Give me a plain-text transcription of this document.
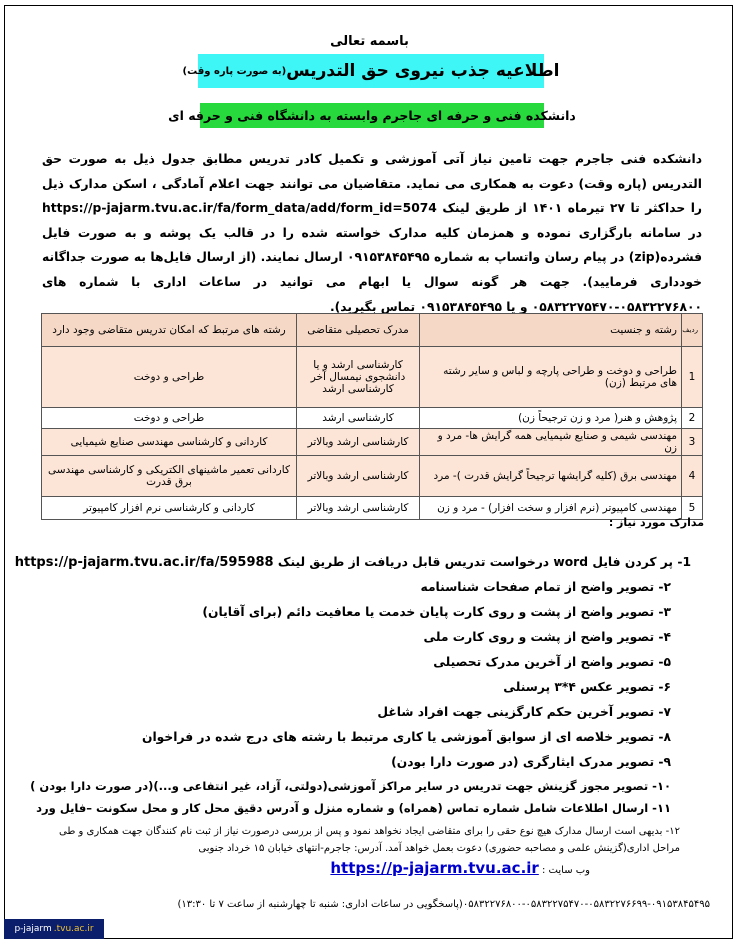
باسمه تعالی
اطلاعیه جذب نیروی حق التدریس
(به صورت پاره وقت)
دانشکده فنی و حرفه ای جاجرم وابسته به دانشگاه فنی و حرفه ای
دانشکده فنی جاجرم جهت تامین نیاز آتی آموزشی و تکمیل کادر تدریس مطابق جدول ذیل به صورت حق التدریس (پاره وقت) دعوت به همکاری می نماید. متقاضیان می توانند جهت اعلام آمادگی ، اسکن مدارک ذیل را حداکثر تا ۲۷ تیرماه ۱۴۰۱ از طریق لینک https://p-jajarm.tvu.ac.ir/fa/form_data/add/form_id=5074 در سامانه بارگزاری نموده و همزمان کلیه مدارک خواسته شده را در قالب یک پوشه و به صورت فایل فشرده(zip) در پیام رسان واتساپ به شماره ۰۹۱۵۳۸۴۵۴۹۵ ارسال نمایند. (از ارسال فایل‌ها به صورت جداگانه خودداری فرمایید). جهت هر گونه سوال یا ابهام می توانید در ساعات اداری با شماره های ۰۵۸۳۲۲۷۶۸۰۰-۰۵۸۳۲۲۷۵۴۷۰ و یا ۰۹۱۵۳۸۴۵۴۹۵ تماس بگیرید).
ردیف	رشته و جنسیت	مدرک تحصیلی متقاضی	رشته های مرتبط که امکان تدریس متقاضی وجود دارد
1	طراحی و دوخت و طراحی پارچه و لباس و سایر رشته های مرتبط (زن)	کارشناسی ارشد و یا دانشجوی نیمسال آخر کارشناسی ارشد	طراحی و دوخت
2	پژوهش و هنر( مرد و زن ترجیحاً زن)	کارشناسی ارشد	طراحی و دوخت
3	مهندسی شیمی و صنایع شیمیایی همه گرایش ها- مرد و زن	کارشناسی ارشد وبالاتر	کاردانی و کارشناسی مهندسی صنایع شیمیایی
4	مهندسی برق (کلیه گرایشها ترجیحاً گرایش قدرت )- مرد	کارشناسی ارشد وبالاتر	کاردانی تعمیر ماشینهای الکتریکی و کارشناسی مهندسی برق قدرت
5	مهندسی کامپیوتر (نرم افزار و سخت افزار) - مرد و زن	کارشناسی ارشد وبالاتر	کاردانی و کارشناسی نرم افزار کامپیوتر
مدارک مورد نیاز :
1- پر کردن فایل word درخواست تدریس قابل دریافت از طریق لینک https://p-jajarm.tvu.ac.ir/fa/595988
۲- تصویر واضح از تمام صفحات شناسنامه
۳- تصویر واضح از پشت و روی کارت پایان خدمت یا معافیت دائم (برای آقایان)
۴- تصویر واضح از پشت و روی کارت ملی
۵- تصویر واضح از آخرین مدرک تحصیلی
۶- تصویر عکس ۴*۳ پرسنلی
۷- تصویر آخرین حکم کارگزینی جهت افراد شاغل
۸- تصویر خلاصه ای از سوابق آموزشی یا کاری مرتبط با رشته های درج شده در فراخوان
۹- تصویر مدرک ایثارگری (در صورت دارا بودن)
۱۰- تصویر مجوز گزینش جهت تدریس در سایر مراکز آموزشی(دولتی، آزاد، غیر انتفاعی و...)(در صورت دارا بودن )
۱۱- ارسال اطلاعات شامل شماره تماس (همراه) و شماره منزل و آدرس دقیق محل کار و محل سکونت –فایل ورد
۱۲- بدیهی است ارسال مدارک هیچ نوع حقی را برای متقاضی ایجاد نخواهد نمود و پس از بررسی درصورت نیاز از ثبت نام کنندگان جهت همکاری و طی مراحل اداری(گزینش علمی و مصاحبه حضوری) دعوت بعمل خواهد آمد. آدرس: جاجرم-انتهای خیابان ۱۵ خرداد جنوبی
وب سایت : https://p-jajarm.tvu.ac.ir
۰۵۸۳۲۲۷۶۸۰۰-۰۵۸۳۲۲۷۵۴۷۰-۰۵۸۳۲۲۷۶۶۹۹-۰۹۱۵۳۸۴۵۴۹۵(پاسخگویی در ساعات اداری: شنبه تا چهارشنبه از ساعت ۷ تا ۱۳:۳۰)
p-jajarm .tvu.ac.ir
